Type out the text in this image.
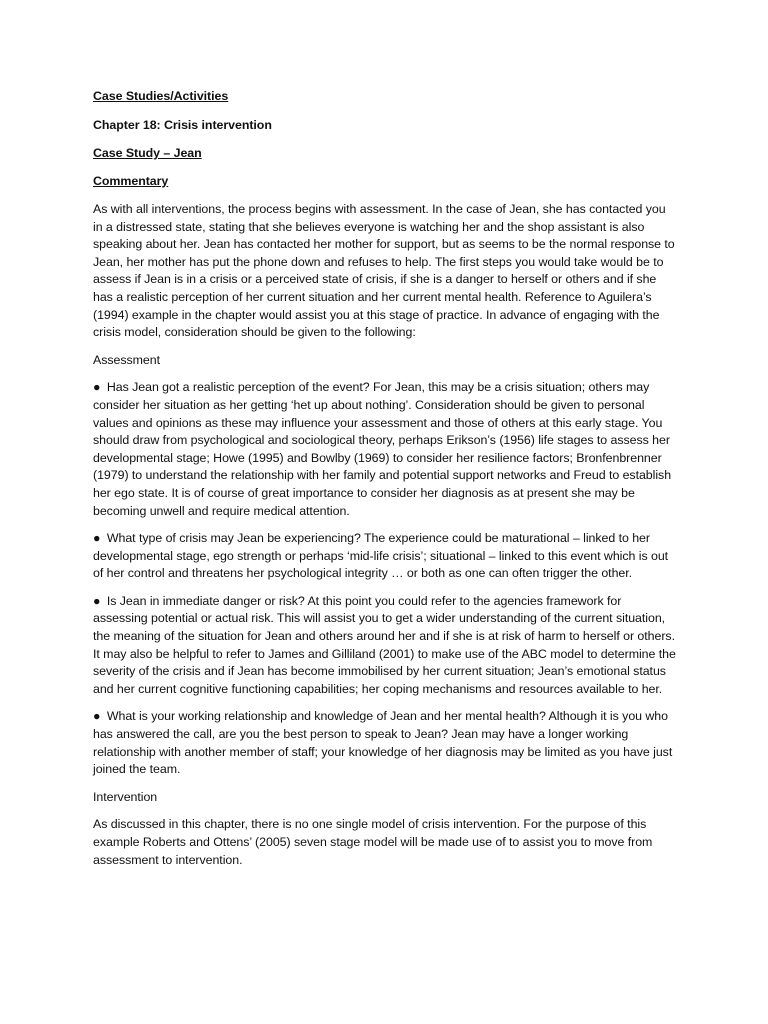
Case Studies/Activities
Chapter 18: Crisis intervention
Case Study – Jean
Commentary

As with all interventions, the process begins with assessment. In the case of Jean, she has contacted you in a distressed state, stating that she believes everyone is watching her and the shop assistant is also speaking about her. Jean has contacted her mother for support, but as seems to be the normal response to Jean, her mother has put the phone down and refuses to help. The first steps you would take would be to assess if Jean is in a crisis or a perceived state of crisis, if she is a danger to herself or others and if she has a realistic perception of her current situation and her current mental health. Reference to Aguilera’s (1994) example in the chapter would assist you at this stage of practice. In advance of engaging with the crisis model, consideration should be given to the following:

Assessment
● Has Jean got a realistic perception of the event? For Jean, this may be a crisis situation; others may consider her situation as her getting ‘het up about nothing’. Consideration should be given to personal values and opinions as these may influence your assessment and those of others at this early stage. You should draw from psychological and sociological theory, perhaps Erikson’s (1956) life stages to assess her developmental stage; Howe (1995) and Bowlby (1969) to consider her resilience factors; Bronfenbrenner (1979) to understand the relationship with her family and potential support networks and Freud to establish her ego state. It is of course of great importance to consider her diagnosis as at present she may be becoming unwell and require medical attention.
● What type of crisis may Jean be experiencing? The experience could be maturational – linked to her developmental stage, ego strength or perhaps ‘mid-life crisis’; situational – linked to this event which is out of her control and threatens her psychological integrity … or both as one can often trigger the other.
● Is Jean in immediate danger or risk? At this point you could refer to the agencies framework for assessing potential or actual risk. This will assist you to get a wider understanding of the current situation, the meaning of the situation for Jean and others around her and if she is at risk of harm to herself or others. It may also be helpful to refer to James and Gilliland (2001) to make use of the ABC model to determine the severity of the crisis and if Jean has become immobilised by her current situation; Jean’s emotional status and her current cognitive functioning capabilities; her coping mechanisms and resources available to her.
● What is your working relationship and knowledge of Jean and her mental health? Although it is you who has answered the call, are you the best person to speak to Jean? Jean may have a longer working relationship with another member of staff; your knowledge of her diagnosis may be limited as you have just joined the team.
Intervention

As discussed in this chapter, there is no one single model of crisis intervention. For the purpose of this example Roberts and Ottens’ (2005) seven stage model will be made use of to assist you to move from assessment to intervention.
